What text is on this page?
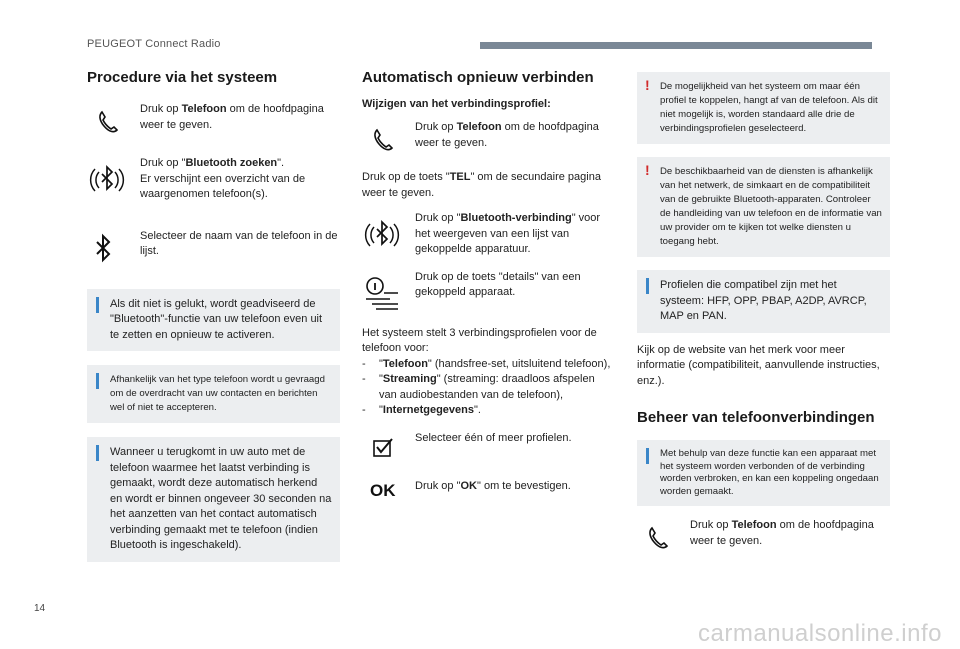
PEUGEOT Connect Radio
Procedure via het systeem
Druk op Telefoon om de hoofdpagina weer te geven.
Druk op "Bluetooth zoeken".
Er verschijnt een overzicht van de waargenomen telefoon(s).
Selecteer de naam van de telefoon in de lijst.
Als dit niet is gelukt, wordt geadviseerd de "Bluetooth"-functie van uw telefoon even uit te zetten en opnieuw te activeren.
Afhankelijk van het type telefoon wordt u gevraagd om de overdracht van uw contacten en berichten wel of niet te accepteren.
Wanneer u terugkomt in uw auto met de telefoon waarmee het laatst verbinding is gemaakt, wordt deze automatisch herkend en wordt er binnen ongeveer 30 seconden na het aanzetten van het contact automatisch verbinding gemaakt met te telefoon (indien Bluetooth is ingeschakeld).
Automatisch opnieuw verbinden
Wijzigen van het verbindingsprofiel:
Druk op Telefoon om de hoofdpagina weer te geven.
Druk op de toets "TEL" om de secundaire pagina weer te geven.
Druk op "Bluetooth-verbinding" voor het weergeven van een lijst van gekoppelde apparatuur.
Druk op de toets "details" van een gekoppeld apparaat.
Het systeem stelt 3 verbindingsprofielen voor de telefoon voor:
- "Telefoon" (handsfree-set, uitsluitend telefoon),
- "Streaming" (streaming: draadloos afspelen van audiobestanden van de telefoon),
- "Internetgegevens".
Selecteer één of meer profielen.
OK Druk op "OK" om te bevestigen.
! De mogelijkheid van het systeem om maar één profiel te koppelen, hangt af van de telefoon. Als dit niet mogelijk is, worden standaard alle drie de verbindingsprofielen geselecteerd.
! De beschikbaarheid van de diensten is afhankelijk van het netwerk, de simkaart en de compatibiliteit van de gebruikte Bluetooth-apparaten. Controleer de handleiding van uw telefoon en de informatie van uw provider om te kijken tot welke diensten u toegang hebt.
Profielen die compatibel zijn met het systeem: HFP, OPP, PBAP, A2DP, AVRCP, MAP en PAN.
Kijk op de website van het merk voor meer informatie (compatibiliteit, aanvullende instructies, enz.).
Beheer van telefoonverbindingen
Met behulp van deze functie kan een apparaat met het systeem worden verbonden of de verbinding worden verbroken, en kan een koppeling ongedaan worden gemaakt.
Druk op Telefoon om de hoofdpagina weer te geven.
14
carmanualsonline.info
